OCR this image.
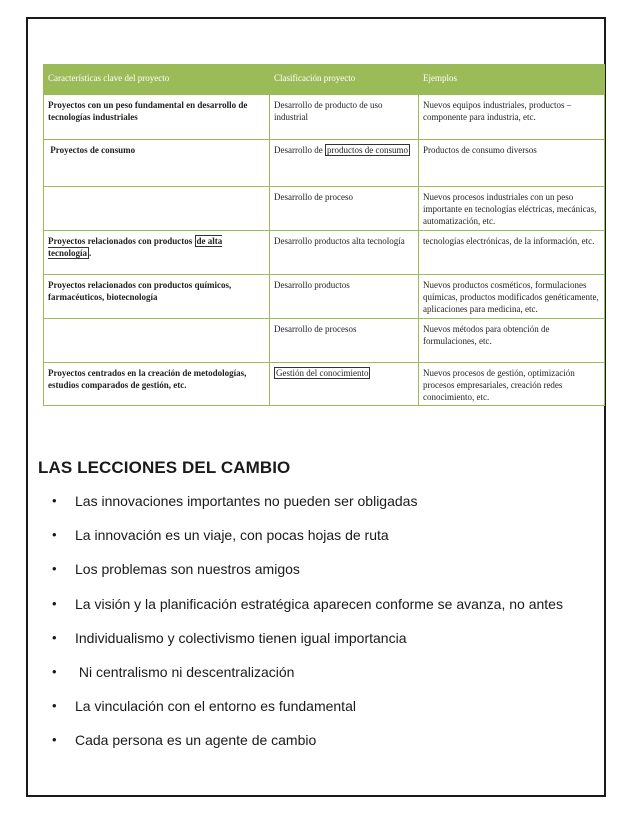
Características clave del proyecto	Clasificación proyecto	Ejemplos
Proyectos con un peso fundamental en desarrollo de tecnologías industriales	Desarrollo de producto de uso industrial	Nuevos equipos industriales, productos – componente para industria, etc.
Proyectos de consumo	Desarrollo de productos de consumo	Productos de consumo diversos
	Desarrollo de proceso	Nuevos procesos industriales con un peso importante en tecnologías eléctricas, mecánicas, automatización, etc.
Proyectos relacionados con productos de alta tecnología .	Desarrollo productos alta tecnología	tecnologías electrónicas, de la información, etc.
Proyectos relacionados con productos químicos, farmacéuticos, biotecnología	Desarrollo productos	Nuevos productos cosméticos, formulaciones químicas, productos modificados genéticamente, aplicaciones para medicina, etc.
	Desarrollo de procesos	Nuevos métodos para obtención de formulaciones, etc.
Proyectos centrados en la creación de metodologías, estudios comparados de gestión, etc.	Gestión del conocimiento	Nuevos procesos de gestión, optimización procesos empresariales, creación redes conocimiento, etc.
LAS LECCIONES DEL CAMBIO
•	Las innovaciones importantes no pueden ser obligadas
•	La innovación es un viaje, con pocas hojas de ruta
•	Los problemas son nuestros amigos
•	La visión y la planificación estratégica aparecen conforme se avanza, no antes
•	Individualismo y colectivismo tienen igual importancia
•	Ni centralismo ni descentralización
•	La vinculación con el entorno es fundamental
•	Cada persona es un agente de cambio
